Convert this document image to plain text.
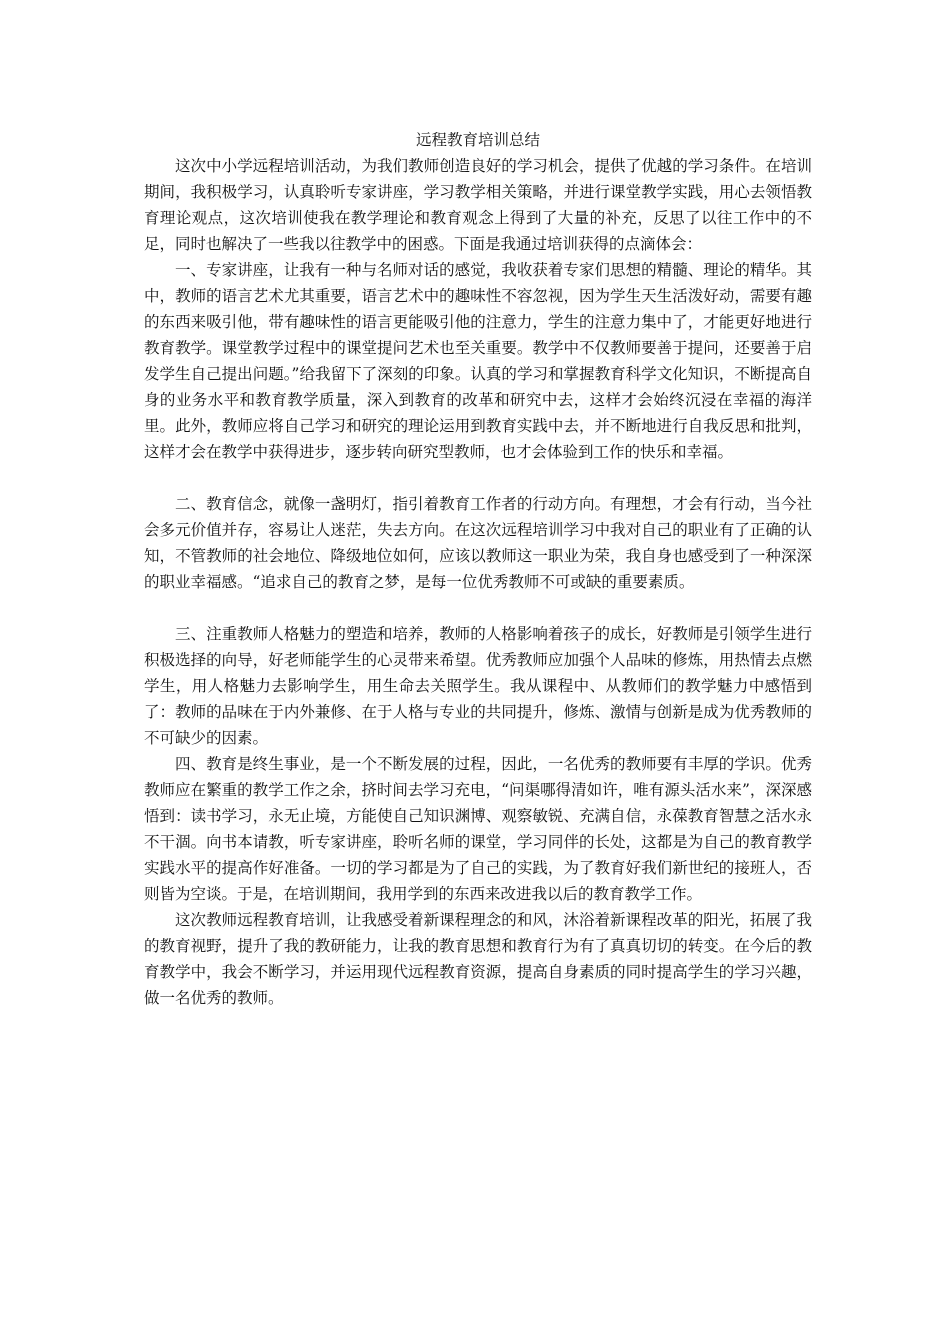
远程教育培训总结

这次中小学远程培训活动，为我们教师创造良好的学习机会，提供了优越的学习条件。在培训期间，我积极学习，认真聆听专家讲座，学习教学相关策略，并进行课堂教学实践，用心去领悟教育理论观点，这次培训使我在教学理论和教育观念上得到了大量的补充，反思了以往工作中的不足，同时也解决了一些我以往教学中的困惑。下面是我通过培训获得的点滴体会：

一、专家讲座，让我有一种与名师对话的感觉，我收获着专家们思想的精髓、理论的精华。其中，教师的语言艺术尤其重要，语言艺术中的趣味性不容忽视，因为学生天生活泼好动，需要有趣的东西来吸引他，带有趣味性的语言更能吸引他的注意力，学生的注意力集中了，才能更好地进行教育教学。课堂教学过程中的课堂提问艺术也至关重要。教学中不仅教师要善于提问，还要善于启发学生自己提出问题。”给我留下了深刻的印象。认真的学习和掌握教育科学文化知识，不断提高自身的业务水平和教育教学质量，深入到教育的改革和研究中去，这样才会始终沉浸在幸福的海洋里。此外，教师应将自己学习和研究的理论运用到教育实践中去，并不断地进行自我反思和批判，这样才会在教学中获得进步，逐步转向研究型教师，也才会体验到工作的快乐和幸福。

二、教育信念，就像一盏明灯，指引着教育工作者的行动方向。有理想，才会有行动，当今社会多元价值并存，容易让人迷茫，失去方向。在这次远程培训学习中我对自己的职业有了正确的认知，不管教师的社会地位、降级地位如何，应该以教师这一职业为荣，我自身也感受到了一种深深的职业幸福感。“追求自己的教育之梦，是每一位优秀教师不可或缺的重要素质。

三、注重教师人格魅力的塑造和培养，教师的人格影响着孩子的成长，好教师是引领学生进行积极选择的向导，好老师能学生的心灵带来希望。优秀教师应加强个人品味的修炼，用热情去点燃学生，用人格魅力去影响学生，用生命去关照学生。我从课程中、从教师们的教学魅力中感悟到了：教师的品味在于内外兼修、在于人格与专业的共同提升，修炼、激情与创新是成为优秀教师的不可缺少的因素。

四、教育是终生事业，是一个不断发展的过程，因此，一名优秀的教师要有丰厚的学识。优秀教师应在繁重的教学工作之余，挤时间去学习充电，“问渠哪得清如许，唯有源头活水来”，深深感悟到：读书学习，永无止境，方能使自己知识渊博、观察敏锐、充满自信，永葆教育智慧之活水永不干涸。向书本请教，听专家讲座，聆听名师的课堂，学习同伴的长处，这都是为自己的教育教学实践水平的提高作好准备。一切的学习都是为了自己的实践，为了教育好我们新世纪的接班人，否则皆为空谈。于是，在培训期间，我用学到的东西来改进我以后的教育教学工作。

这次教师远程教育培训，让我感受着新课程理念的和风，沐浴着新课程改革的阳光，拓展了我的教育视野，提升了我的教研能力，让我的教育思想和教育行为有了真真切切的转变。在今后的教育教学中，我会不断学习，并运用现代远程教育资源，提高自身素质的同时提高学生的学习兴趣，做一名优秀的教师。
